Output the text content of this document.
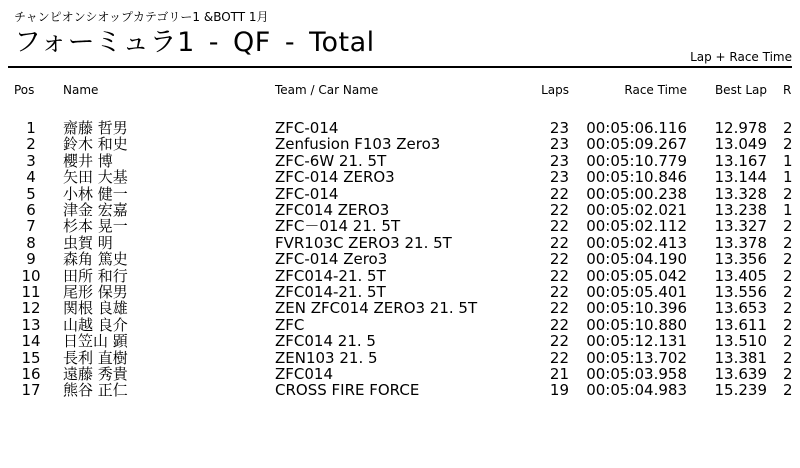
チャンピオンシオップカテゴリー1 &BOTT 1月
フォーミュラ1 - QF - Total	Lap + Race Time
Pos Name	Team / Car Name	Laps	Race Time Best Lap R
1	齋藤 哲男	ZFC-014	23 00:05:06.116 12.978 2
2	鈴木 和史	Zenfusion F103 Zero3	23 00:05:09.267 13.049 2
3	櫻井 博	ZFC-6W 21. 5T	23 00:05:10.779 13.167 1
4	矢田 大基	ZFC-014 ZERO3	23 00:05:10.846 13.144 1
5	小林 健一	ZFC-014	22 00:05:00.238 13.328 2
6	津金 宏嘉	ZFC014 ZERO3	22 00:05:02.021 13.238 1
7	杉本 晃一	ZFC－014 21. 5T	22 00:05:02.112 13.327 2
8	虫賀 明	FVR103C ZERO3 21. 5T	22 00:05:02.413 13.378 2
9	森角 篤史	ZFC-014 Zero3	22 00:05:04.190 13.356 2
10 田所 和行	ZFC014-21. 5T	22 00:05:05.042 13.405 2
11 尾形 保男	ZFC014-21. 5T	22 00:05:05.401 13.556 2
12 関根 良雄	ZEN ZFC014 ZERO3 21. 5T	22 00:05:10.396 13.653 2
13 山越 良介	ZFC	22 00:05:10.880 13.611 2
14 日笠山 顕	ZFC014 21. 5	22 00:05:12.131 13.510 2
15 長利 直樹	ZEN103 21. 5	22 00:05:13.702 13.381 2
16 遠藤 秀貴	ZFC014	21 00:05:03.958 13.639 2
17 熊谷 正仁	CROSS FIRE FORCE	19 00:05:04.983 15.239 2
